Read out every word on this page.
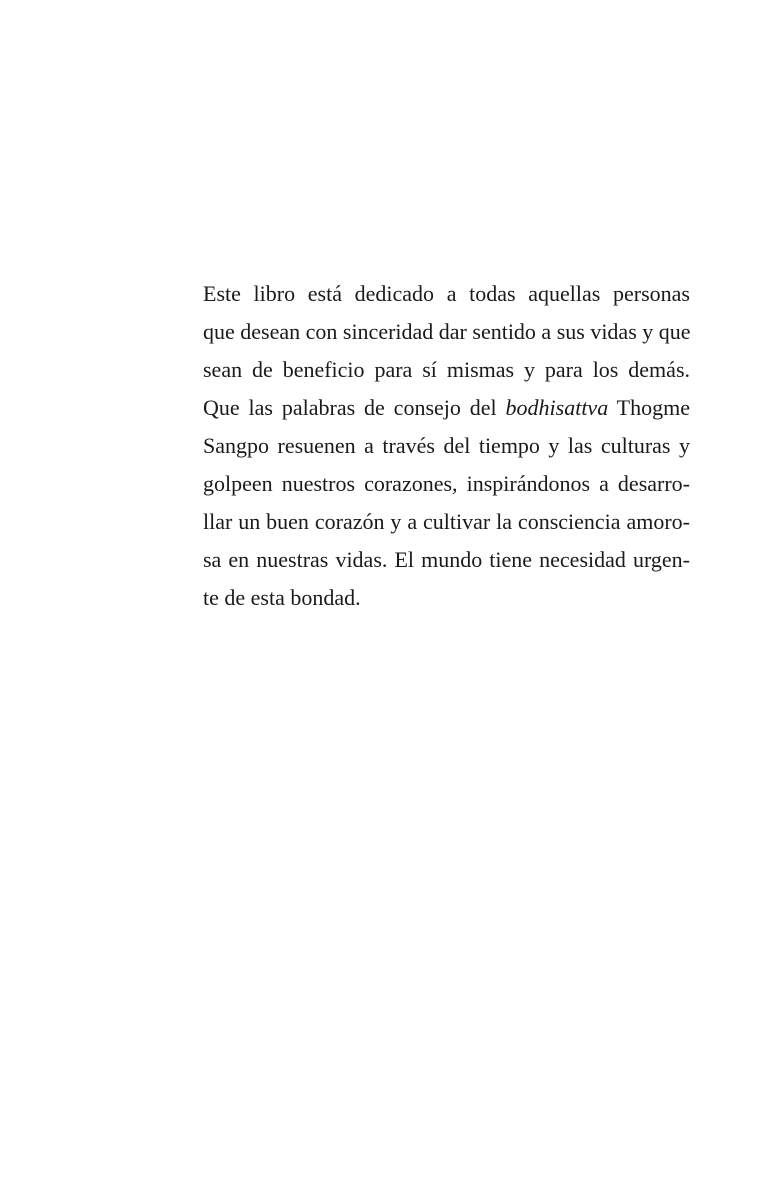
Este libro está dedicado a todas aquellas personas
que desean con sinceridad dar sentido a sus vidas y que
sean de beneficio para sí mismas y para los demás.
Que las palabras de consejo del bodhisattva Thogme
Sangpo resuenen a través del tiempo y las culturas y
golpeen nuestros corazones, inspirándonos a desarro-
llar un buen corazón y a cultivar la consciencia amoro-
sa en nuestras vidas. El mundo tiene necesidad urgen-
te de esta bondad.
